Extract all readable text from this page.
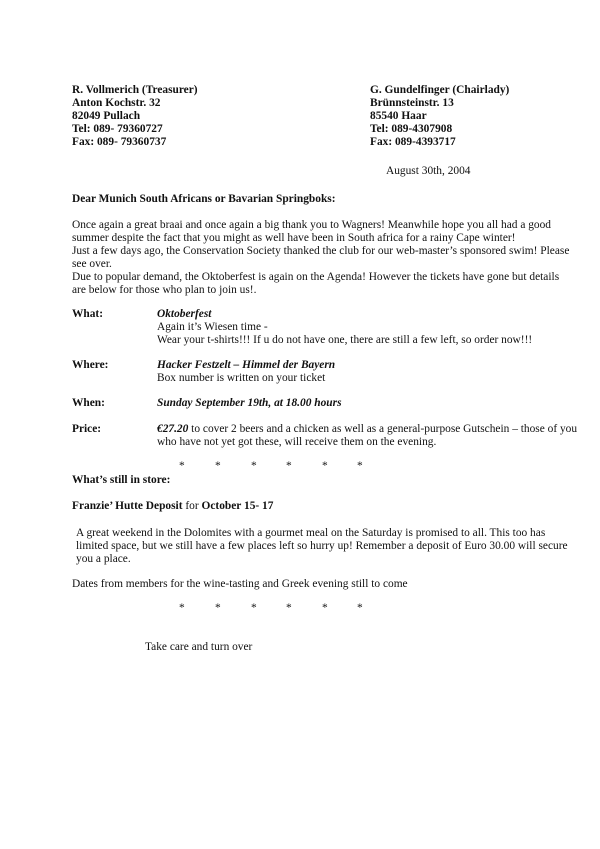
R. Vollmerich (Treasurer)
Anton Kochstr. 32
82049 Pullach
Tel: 089- 79360727
Fax: 089- 79360737
G. Gundelfinger (Chairlady)
Brünnsteinstr. 13
85540 Haar
Tel: 089-4307908
Fax: 089-4393717
August 30th, 2004
Dear Munich South Africans or Bavarian Springboks:
Once again a great braai and once again a big thank you to Wagners! Meanwhile hope you all had a good
summer despite the fact that you might as well have been in South africa for a rainy Cape winter!
Just a few days ago, the Conservation Society thanked the club for our web-master’s sponsored swim! Please
see over.
Due to popular demand, the Oktoberfest is again on the Agenda! However the tickets have gone but details
are below for those who plan to join us!.
What:	Oktoberfest
Again it’s Wiesen time -
Wear your t-shirts!!! If u do not have one, there are still a few left, so order now!!!
Where:	Hacker Festzelt – Himmel der Bayern
Box number is written on your ticket
When:	Sunday September 19th, at 18.00 hours
Price:	€27.20 to cover 2 beers and a chicken as well as a general-purpose Gutschein – those of you
who have not yet got these, will receive them on the evening.
*	*	*	*	*	*
What’s still in store:
Franzie’ Hutte Deposit for October 15- 17
A great weekend in the Dolomites with a gourmet meal on the Saturday is promised to all. This too has
limited space, but we still have a few places left so hurry up! Remember a deposit of Euro 30.00 will secure
you a place.
Dates from members for the wine-tasting and Greek evening still to come
*	*	*	*	*	*
Take care and turn over
